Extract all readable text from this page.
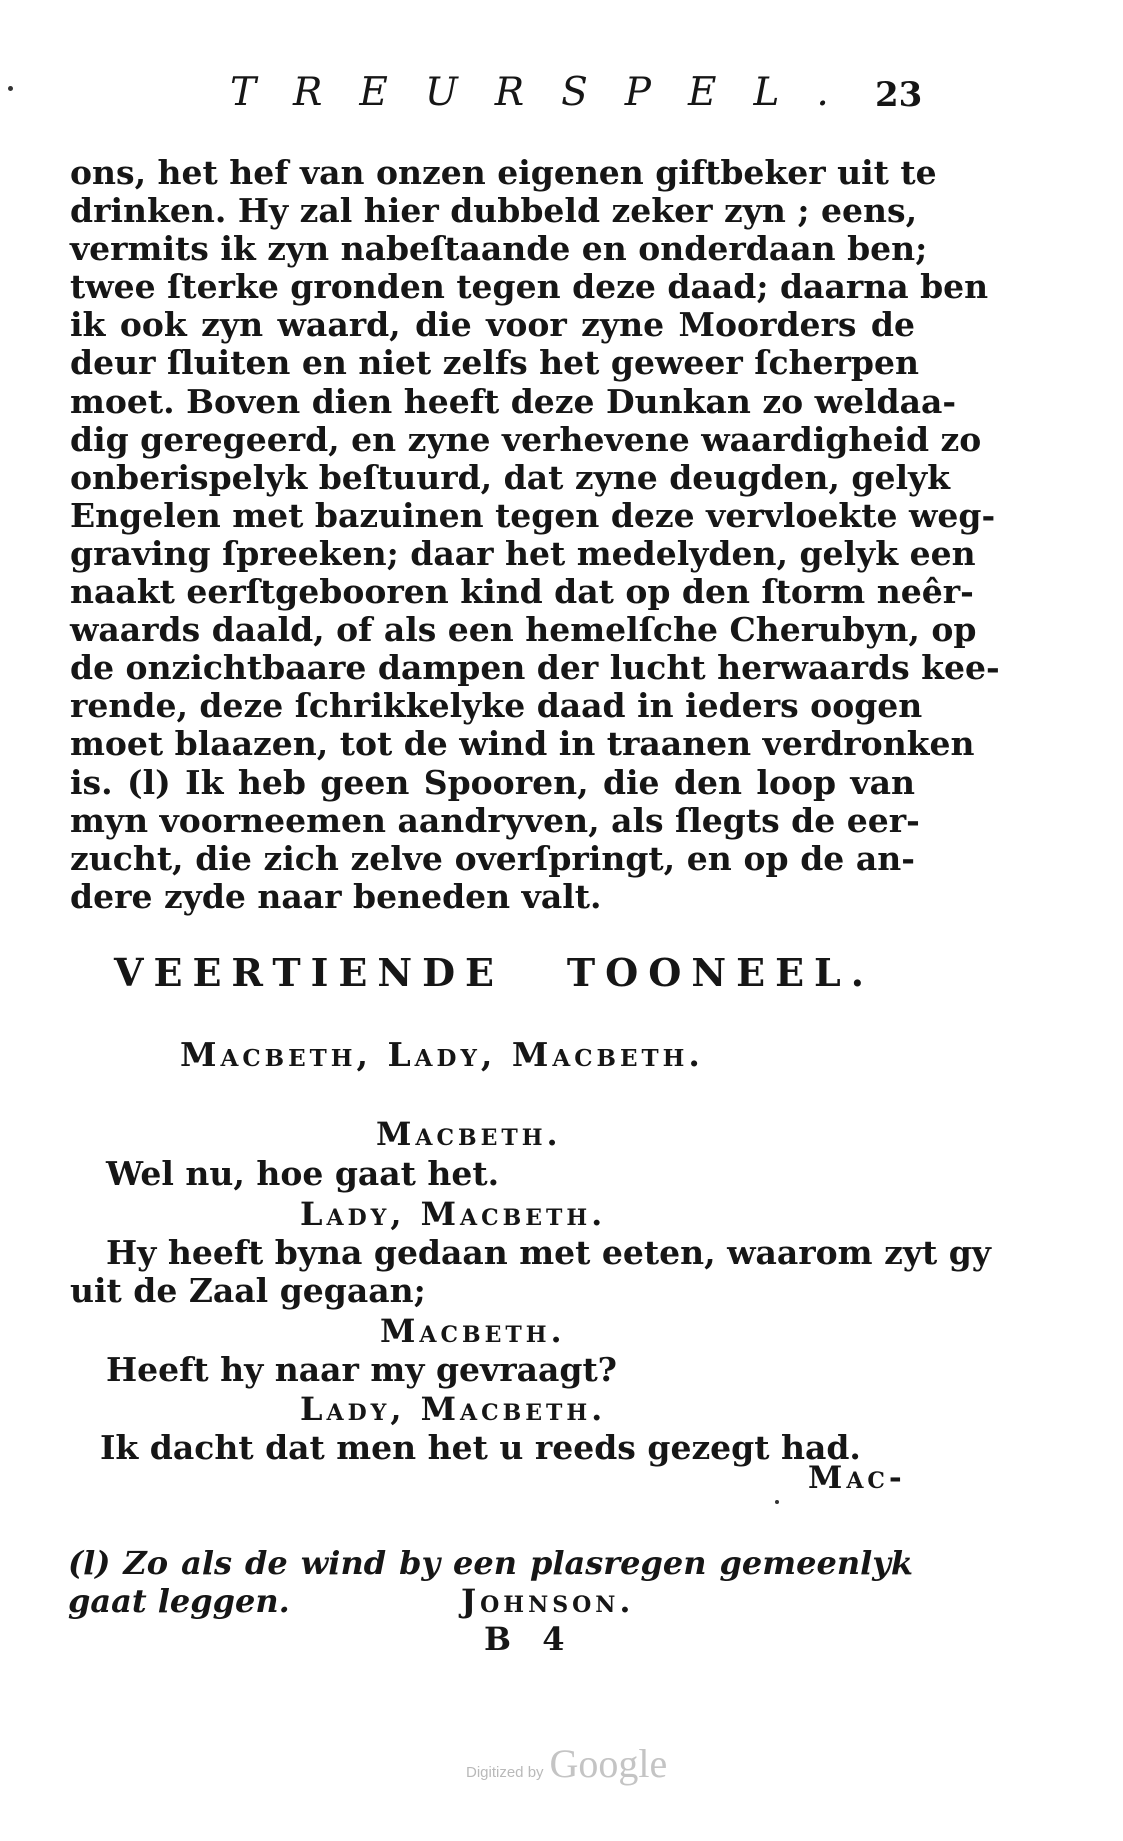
TREURSPEL. 23
ons, het hef van onzen eigenen giftbeker uit te
drinken. Hy zal hier dubbeld zeker zyn ; eens,
vermits ik zyn nabeſtaande en onderdaan ben;
twee ſterke gronden tegen deze daad; daarna ben
ik ook zyn waard, die voor zyne Moorders de
deur ſluiten en niet zelfs het geweer ſcherpen
moet. Boven dien heeft deze Dunkan zo weldaa-
dig geregeerd, en zyne verhevene waardigheid zo
onberispelyk beſtuurd, dat zyne deugden, gelyk
Engelen met bazuinen tegen deze vervloekte weg-
graving ſpreeken; daar het medelyden, gelyk een
naakt eerſtgebooren kind dat op den ſtorm neêr-
waards daald, of als een hemelſche Cherubyn, op
de onzichtbaare dampen der lucht herwaards kee-
rende, deze ſchrikkelyke daad in ieders oogen
moet blaazen, tot de wind in traanen verdronken
is. (l) Ik heb geen Spooren, die den loop van
myn voorneemen aandryven, als ſlegts de eer-
zucht, die zich zelve overſpringt, en op de an-
dere zyde naar beneden valt.
VEERTIENDE TOONEEL.
Macbeth, Lady, Macbeth.
Macbeth.
Wel nu, hoe gaat het.
Lady, Macbeth.
Hy heeft byna gedaan met eeten, waarom zyt gy
uit de Zaal gegaan;
Macbeth.
Heeft hy naar my gevraagt?
Lady, Macbeth.
Ik dacht dat men het u reeds gezegt had.
Mac-
(l) Zo als de wind by een plasregen gemeenlyk
gaat leggen.	Johnson.
B 4
Digitized by Google
